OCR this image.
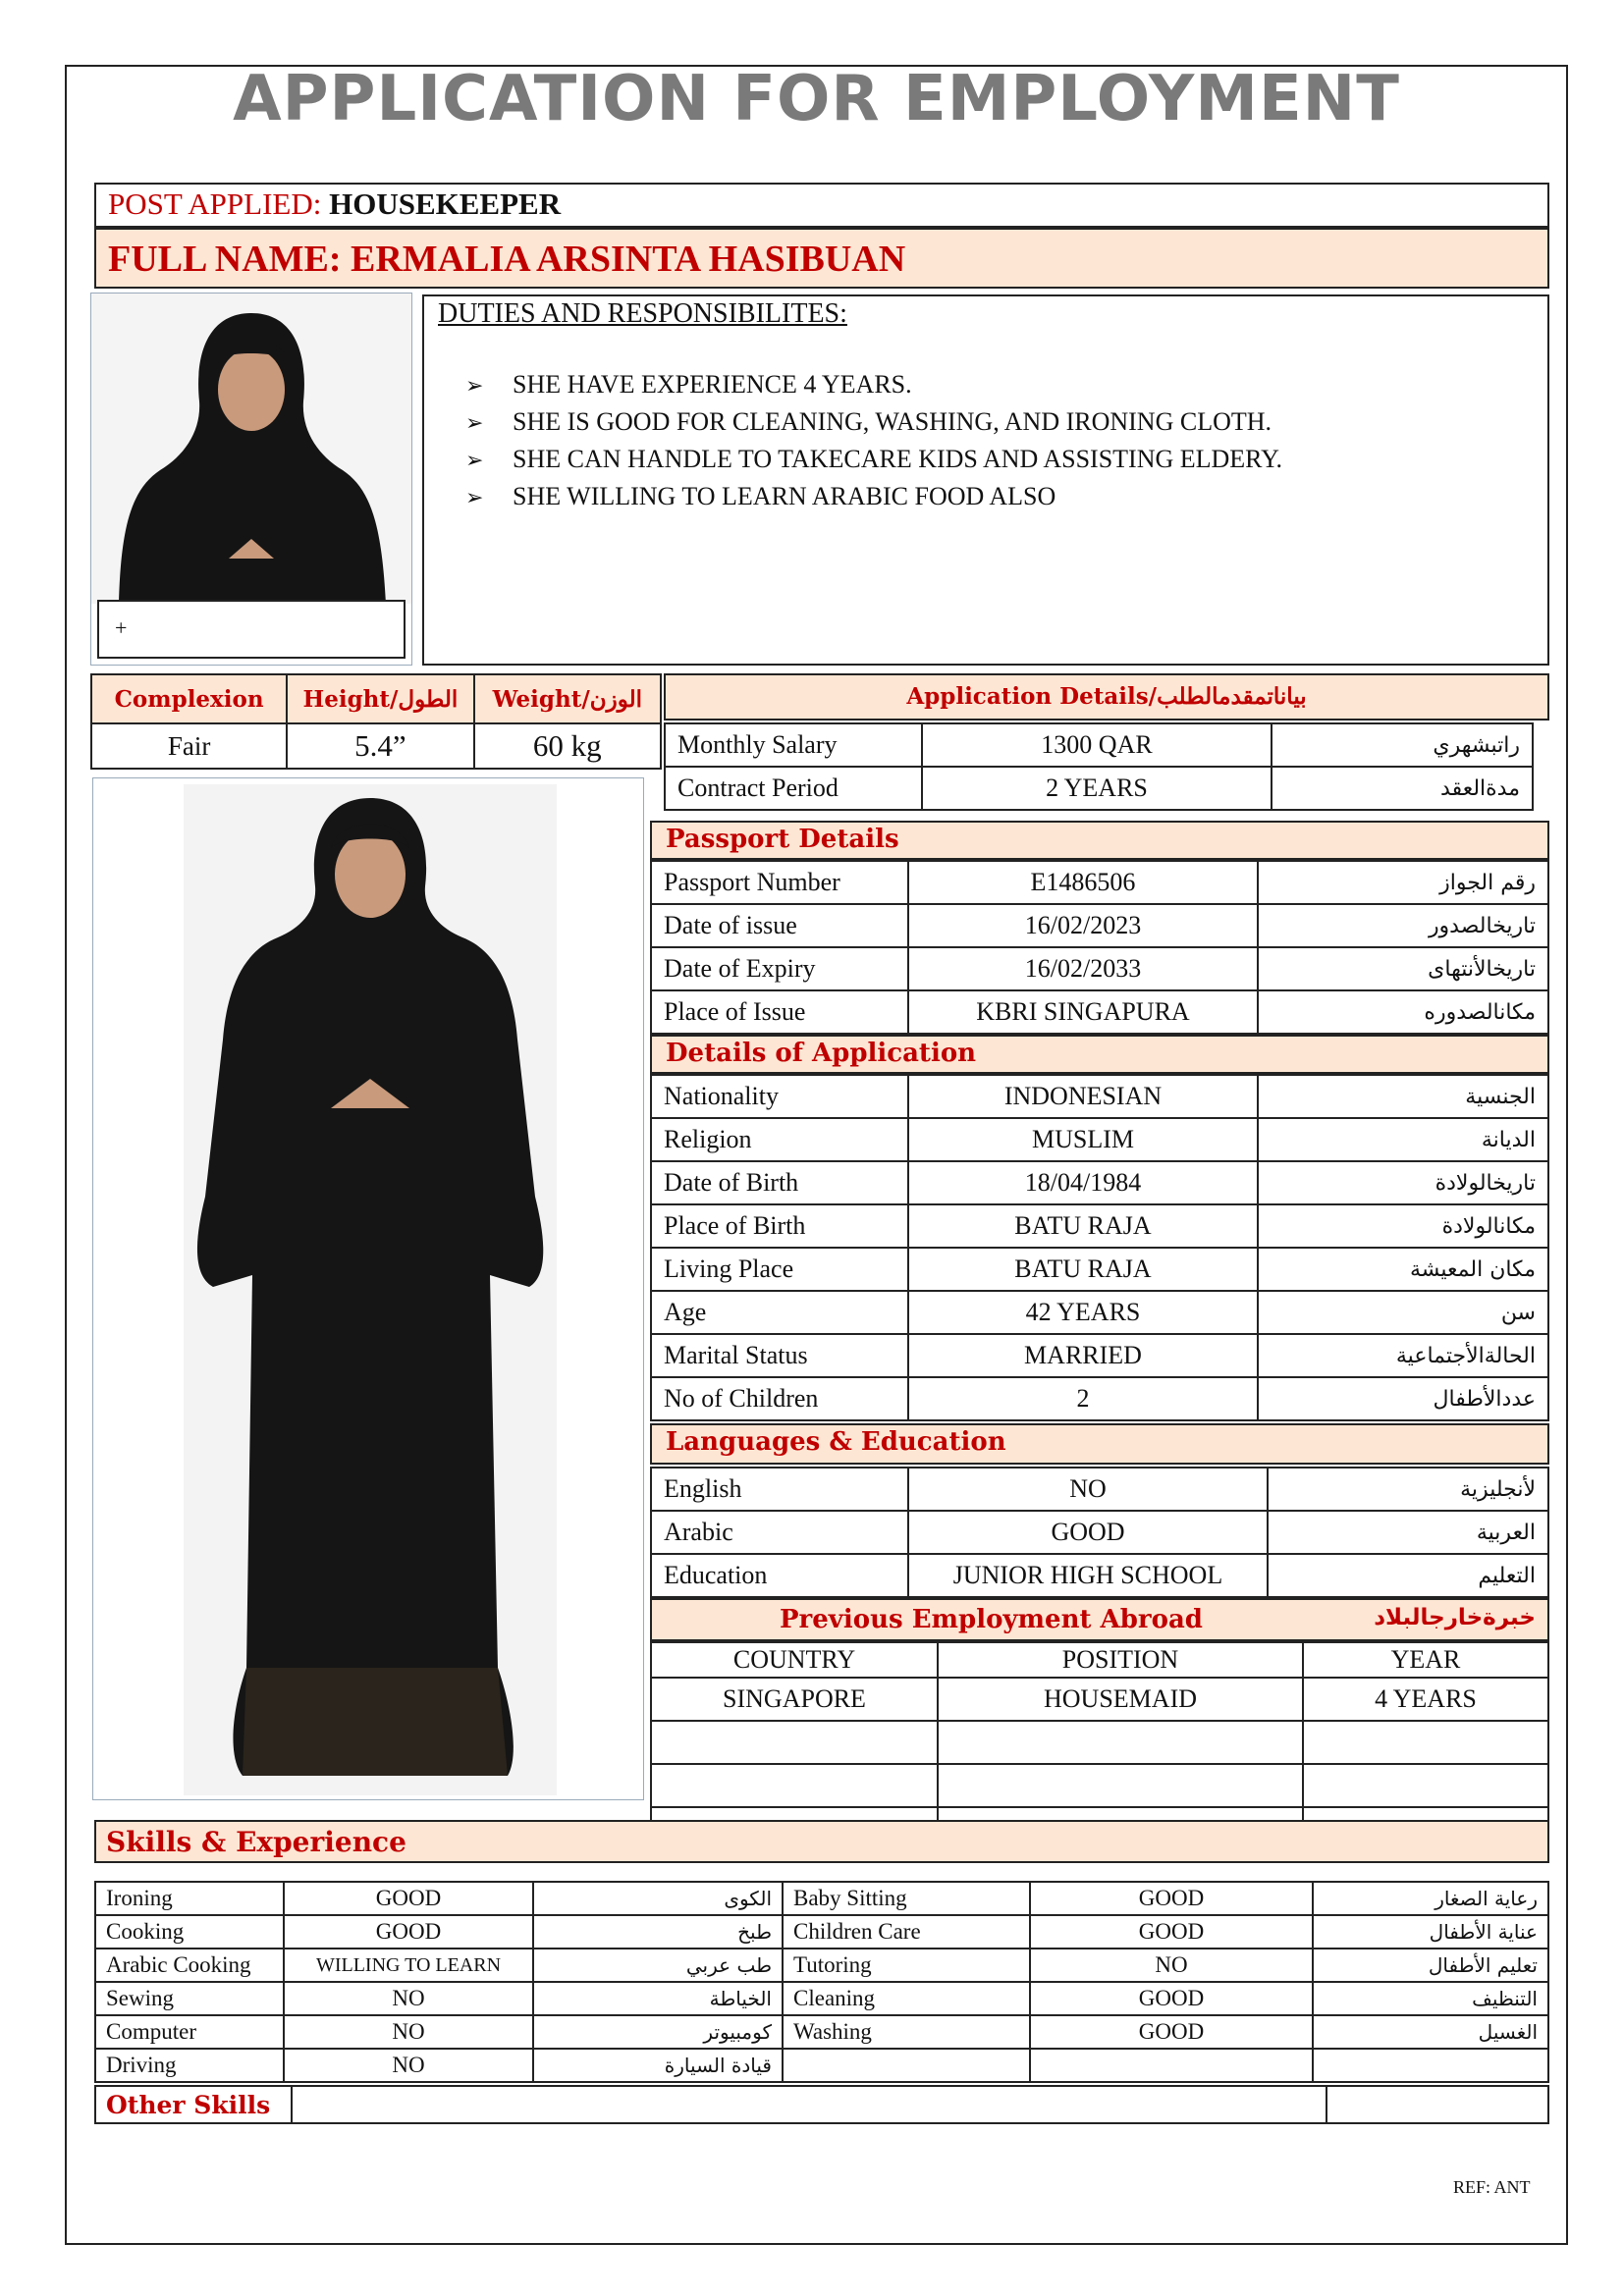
APPLICATION FOR EMPLOYMENT
POST APPLIED: HOUSEKEEPER
FULL NAME: ERMALIA ARSINTA HASIBUAN
+
DUTIES AND RESPONSIBILITES:
➢ SHE HAVE EXPERIENCE 4 YEARS.
➢ SHE IS GOOD FOR CLEANING, WASHING, AND IRONING CLOTH.
➢ SHE CAN HANDLE TO TAKECARE KIDS AND ASSISTING ELDERY.
➢ SHE WILLING TO LEARN ARABIC FOOD ALSO
Complexion	Height/الطول	Weight/الوزن
Fair	5.4”	60 kg
Application Details/بياناتمقدمالطلب
Monthly Salary	1300 QAR	راتبشهري
Contract Period	2 YEARS	مدةالعقد
Passport Details
Passport Number	E1486506	رقم الجواز
Date of issue	16/02/2023	تاريخالصدور
Date of Expiry	16/02/2033	تاريخالأنتهاى
Place of Issue	KBRI SINGAPURA	مكانالصدوره
Details of Application
Nationality	INDONESIAN	الجنسية
Religion	MUSLIM	الديانة
Date of Birth	18/04/1984	تاريخالولادة
Place of Birth	BATU RAJA	مكانالولادة
Living Place	BATU RAJA	مكان المعيشة
Age	42 YEARS	سن
Marital Status	MARRIED	الحالةالأجتماعية
No of Children	2	عددالأطفال
Languages & Education
English	NO	لأنجليزية
Arabic	GOOD	العربية
Education	JUNIOR HIGH SCHOOL	التعليم
Previous Employment Abroad	خبرةخارجالبلاد
COUNTRY	POSITION	YEAR
SINGAPORE	HOUSEMAID	4 YEARS

Skills & Experience
Ironing	GOOD	الكوى
Cooking	GOOD	طبخ
Arabic Cooking	WILLING TO LEARN	طب عربي
Sewing	NO	الخياطة
Computer	NO	كومبيوتر
Driving	NO	قيادة السيارة
Baby Sitting	GOOD	رعاية الصغار
Children Care	GOOD	عناية الأطفال
Tutoring	NO	تعليم الأطفال
Cleaning	GOOD	التنظيف
Washing	GOOD	الغسيل

Other Skills		
REF: ANT
